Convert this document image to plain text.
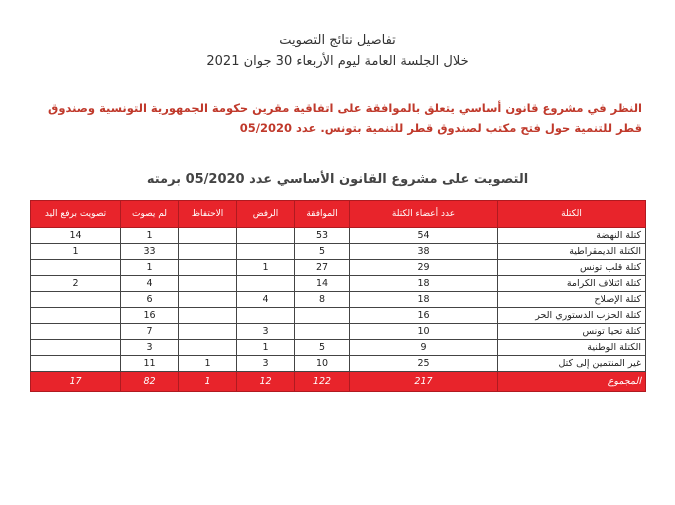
تفاصيل نتائج التصويت
خلال الجلسة العامة ليوم الأربعاء 30 جوان 2021
النظر في مشروع قانون أساسي يتعلق بالموافقة على اتفاقية مقرين حكومة الجمهورية التونسية وصندوق قطر للتنمية حول فتح مكتب لصندوق قطر للتنمية بتونس. عدد 05/2020
التصويت على مشروع القانون الأساسي عدد 05/2020 برمته
الكتلة	عدد أعضاء الكتلة	الموافقة	الرفض	الاحتفاظ	لم يصوت	تصويت برفع اليد
كتلة النهضة	54	53			1	14
الكتلة الديمقراطية	38	5			33	1
كتلة قلب تونس	29	27	1		1	
كتلة ائتلاف الكرامة	18	14			4	2
كتلة الإصلاح	18	8	4		6	
كتلة الحزب الدستوري الحر	16				16	
كتلة تحيا تونس	10		3		7	
الكتلة الوطنية	9	5	1		3	
غير المنتمين إلى كتل	25	10	3	1	11	
المجموع	217	122	12	1	82	17
